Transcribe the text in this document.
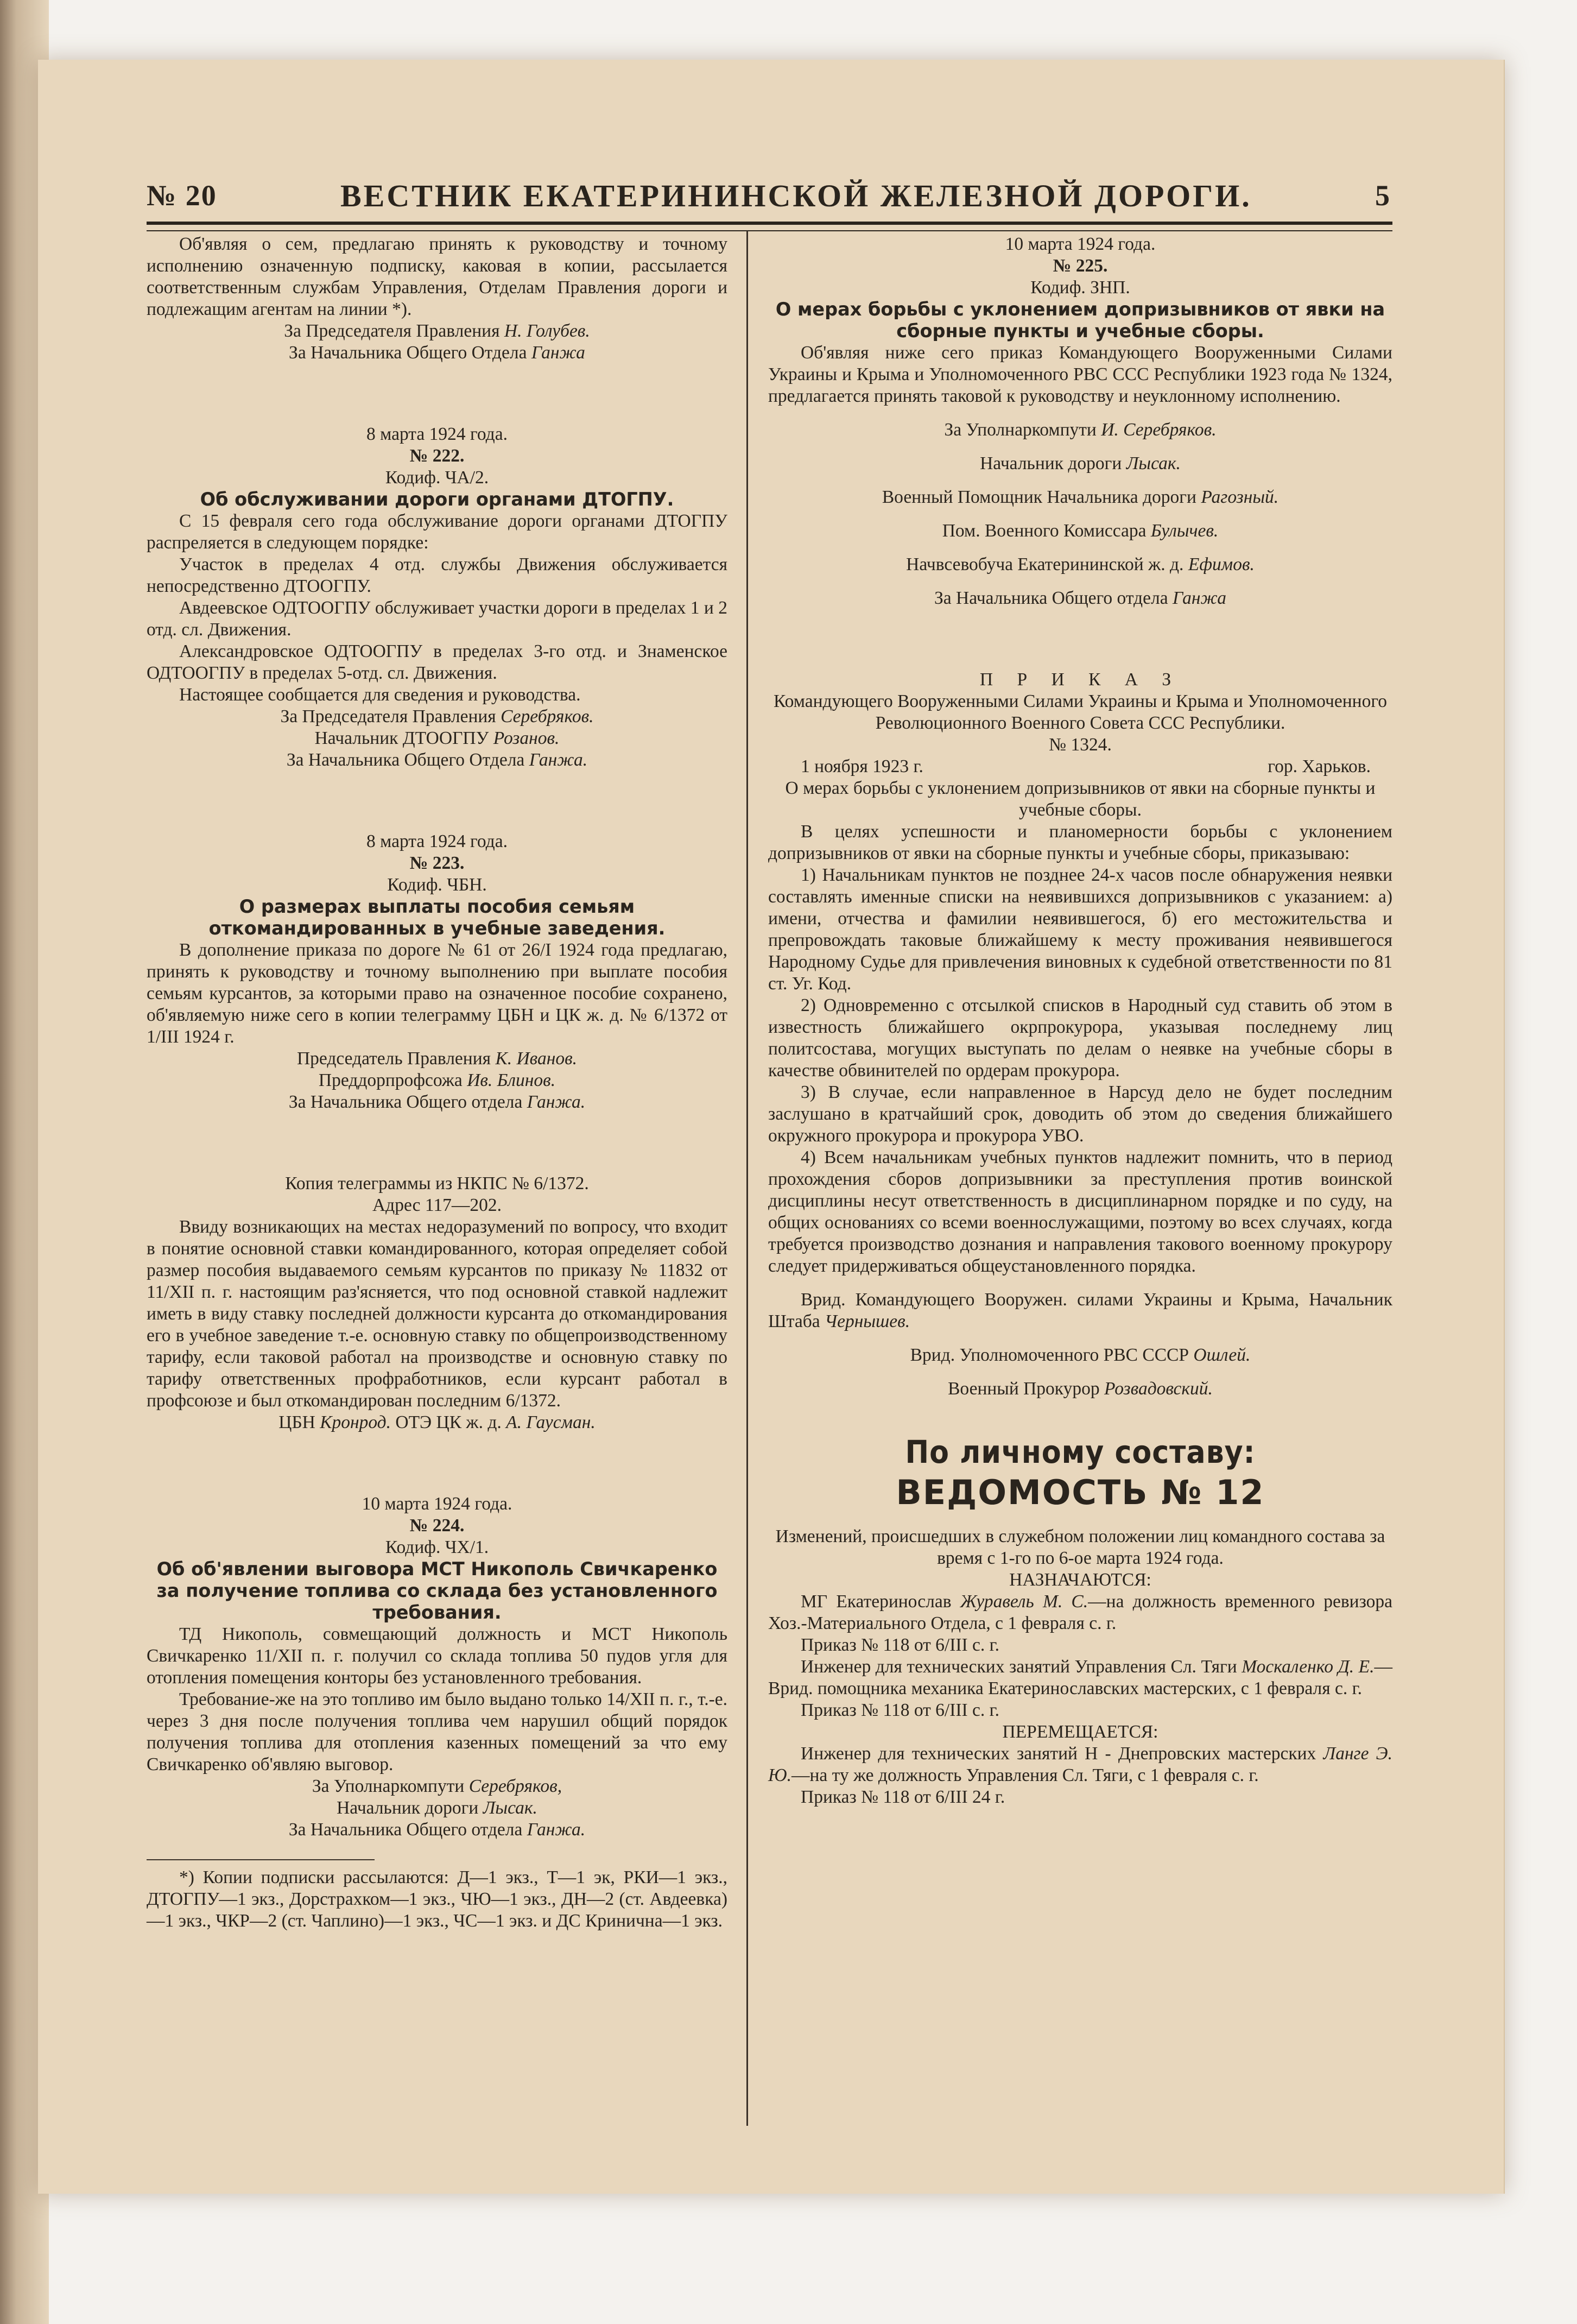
№ 20	ВЕСТНИК ЕКАТЕРИНИНСКОЙ ЖЕЛЕЗНОЙ ДОРОГИ.	5

Об'являя о сем, предлагаю принять к руководству и точному исполнению означенную подписку, каковая в копии, рассылается соответственным службам Управления, Отделам Правления дороги и подлежащим агентам на линии *).

За Председателя Правления Н. Голубев.

За Начальника Общего Отдела Ганжа

8 марта 1924 года.

№ 222.

Кодиф. ЧА/2.

Об обслуживании дороги органами ДТОГПУ.

С 15 февраля сего года обслуживание дороги органами ДТОГПУ распреляется в следующем порядке:

Участок в пределах 4 отд. службы Движения обслуживается непосредственно ДТООГПУ.

Авдеевское ОДТООГПУ обслуживает участки дороги в пределах 1 и 2 отд. сл. Движения.

Александровское ОДТООГПУ в пределах 3-го отд. и Знаменское ОДТООГПУ в пределах 5-отд. сл. Движения.

Настоящее сообщается для сведения и руководства.

За Председателя Правления Серебряков.

Начальник ДТООГПУ Розанов.

За Начальника Общего Отдела Ганжа.

8 марта 1924 года.

№ 223.

Кодиф. ЧБН.

О размерах выплаты пособия семьям откомандированных в учебные заведения.

В дополнение приказа по дороге № 61 от 26/I 1924 года предлагаю, принять к руководству и точному выполнению при выплате пособия семьям курсантов, за которыми право на означенное пособие сохранено, об'являемую ниже сего в копии телеграмму ЦБН и ЦК ж. д. № 6/1372 от 1/III 1924 г.

Председатель Правления К. Иванов.

Преддорпрофсожа Ив. Блинов.

За Начальника Общего отдела Ганжа.

Копия телеграммы из НКПС № 6/1372.

Адрес 117—202.

Ввиду возникающих на местах недоразумений по вопросу, что входит в понятие основной ставки командированного, которая определяет собой размер пособия выдаваемого семьям курсантов по приказу № 11832 от 11/XII п. г. настоящим раз'ясняется, что под основной ставкой надлежит иметь в виду ставку последней должности курсанта до откомандирования его в учебное заведение т.-е. основную ставку по общепроизводственному тарифу, если таковой работал на производстве и основную ставку по тарифу ответственных профработников, если курсант работал в профсоюзе и был откомандирован последним 6/1372.

ЦБН Кронрод. ОТЭ ЦК ж. д. А. Гаусман.

10 марта 1924 года.

№ 224.

Кодиф. ЧХ/1.

Об об'явлении выговора МСТ Никополь Свичкаренко за получение топлива со склада без установленного требования.

ТД Никополь, совмещающий должность и МСТ Никополь Свичкаренко 11/XII п. г. получил со склада топлива 50 пудов угля для отопления помещения конторы без установленного требования.

Требование-же на это топливо им было выдано только 14/XII п. г., т.-е. через 3 дня после получения топлива чем нарушил общий порядок получения топлива для отопления казенных помещений за что ему Свичкаренко об'являю выговор.

За Уполнаркомпути Серебряков,

Начальник дороги Лысак.

За Начальника Общего отдела Ганжа.

*) Копии подписки рассылаются: Д—1 экз., Т—1 эк, РКИ—1 экз., ДТОГПУ—1 экз., Дорстрахком—1 экз., ЧЮ—1 экз., ДН—2 (ст. Авдеевка)—1 экз., ЧКР—2 (ст. Чаплино)—1 экз., ЧС—1 экз. и ДС Кринична—1 экз.

10 марта 1924 года.

№ 225.

Кодиф. ЗНП.

О мерах борьбы с уклонением допризывников от явки на сборные пункты и учебные сборы.

Об'являя ниже сего приказ Командующего Вооруженными Силами Украины и Крыма и Уполномоченного РВС ССС Республики 1923 года № 1324, предлагается принять таковой к руководству и неуклонному исполнению.

За Уполнаркомпути И. Серебряков.

Начальник дороги Лысак.

Военный Помощник Начальника дороги Рагозный.

Пом. Военного Комиссара Булычев.

Начвсевобуча Екатерининской ж. д. Ефимов.

За Начальника Общего отдела Ганжа

П Р И К А З

Командующего Вооруженными Силами Украины и Крыма и Уполномоченного Революционного Военного Совета ССС Республики.

№ 1324.

1 ноября 1923 г.	гор. Харьков.

О мерах борьбы с уклонением допризывников от явки на сборные пункты и учебные сборы.

В целях успешности и планомерности борьбы с уклонением допризывников от явки на сборные пункты и учебные сборы, приказываю:

1) Начальникам пунктов не позднее 24-х часов после обнаружения неявки составлять именные списки на неявившихся допризывников с указанием: а) имени, отчества и фамилии неявившегося, б) его местожительства и препровождать таковые ближайшему к месту проживания неявившегося Народному Судье для привлечения виновных к судебной ответственности по 81 ст. Уг. Код.

2) Одновременно с отсылкой списков в Народный суд ставить об этом в известность ближайшего окрпрокурора, указывая последнему лиц политсостава, могущих выступать по делам о неявке на учебные сборы в качестве обвинителей по ордерам прокурора.

3) В случае, если направленное в Нарсуд дело не будет последним заслушано в кратчайший срок, доводить об этом до сведения ближайшего окружного прокурора и прокурора УВО.

4) Всем начальникам учебных пунктов надлежит помнить, что в период прохождения сборов допризывники за преступления против воинской дисциплины несут ответственность в дисциплинарном порядке и по суду, на общих основаниях со всеми военнослужащими, поэтому во всех случаях, когда требуется производство дознания и направления такового военному прокурору следует придерживаться общеустановленного порядка.

Врид. Командующего Вооружен. силами Украины и Крыма, Начальник Штаба Чернышев.

Врид. Уполномоченного РВС СССР Ошлей.

Военный Прокурор Розвадовский.

По личному составу:

ВЕДОМОСТЬ № 12

Изменений, происшедших в служебном положении лиц командного состава за время с 1-го по 6-ое марта 1924 года.

НАЗНАЧАЮТСЯ:

МГ Екатеринослав Журавель М. С.—на должность временного ревизора Хоз.-Материального Отдела, с 1 февраля с. г.

Приказ № 118 от 6/III с. г.

Инженер для технических занятий Управления Сл. Тяги Москаленко Д. Е.—Врид. помощника механика Екатеринославских мастерских, с 1 февраля с. г.

Приказ № 118 от 6/III с. г.

ПЕРЕМЕЩАЕТСЯ:

Инженер для технических занятий Н - Днепровских мастерских Ланге Э. Ю.—на ту же должность Управления Сл. Тяги, с 1 февраля с. г.

Приказ № 118 от 6/III 24 г.
